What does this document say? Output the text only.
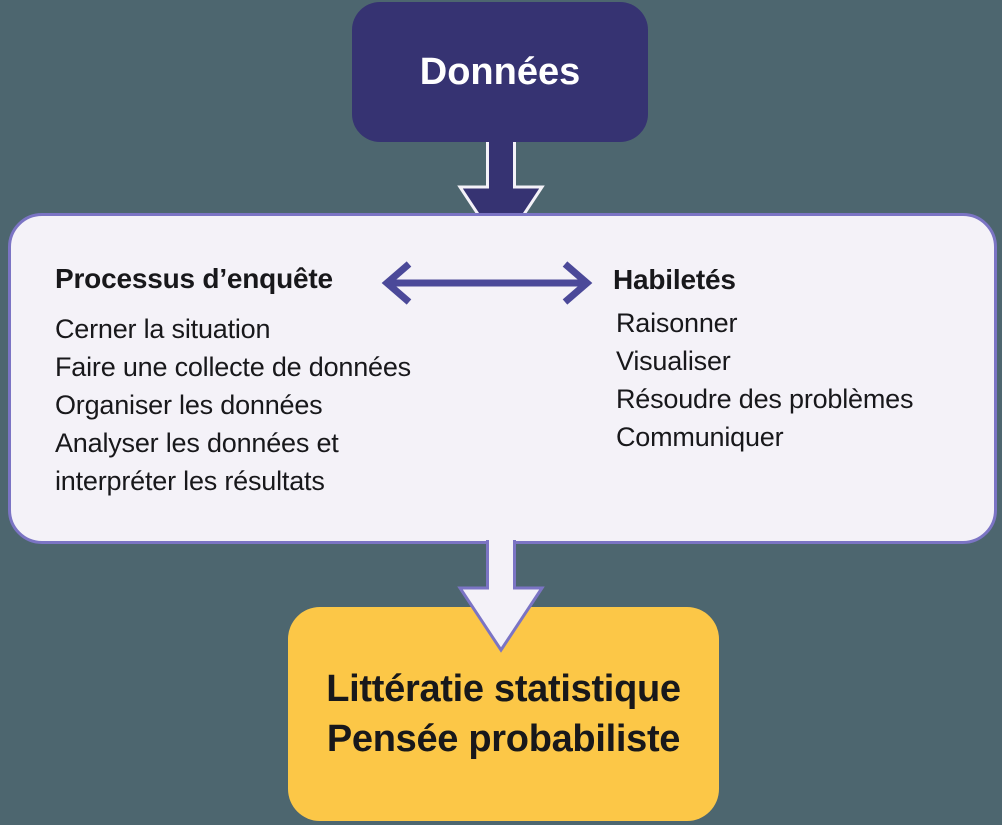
Données
Processus d’enquête	Habiletés
Cerner la situation
Faire une collecte de données
Organiser les données
Analyser les données et
interpréter les résultats
Raisonner
Visualiser
Résoudre des problèmes
Communiquer
Littératie statistique
Pensée probabiliste
